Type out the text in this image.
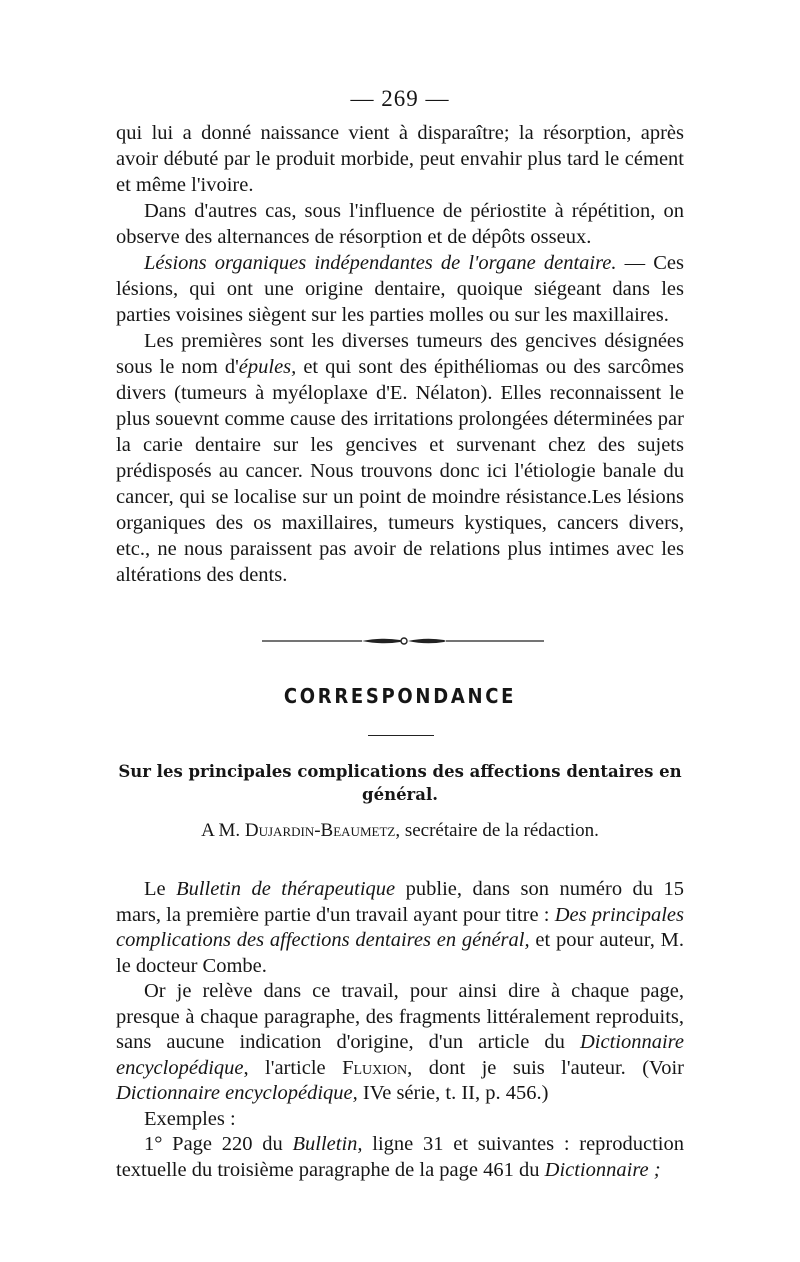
— 269 —

qui lui a donné naissance vient à disparaître; la résorption, après avoir débuté par le produit morbide, peut envahir plus tard le cément et même l'ivoire.

Dans d'autres cas, sous l'influence de périostite à répétition, on observe des alternances de résorption et de dépôts osseux.

Lésions organiques indépendantes de l'organe dentaire. — Ces lésions, qui ont une origine dentaire, quoique siégeant dans les parties voisines siègent sur les parties molles ou sur les maxillaires.

Les premières sont les diverses tumeurs des gencives désignées sous le nom d'épules, et qui sont des épithéliomas ou des sarcômes divers (tumeurs à myéloplaxe d'E. Nélaton). Elles reconnaissent le plus souevnt comme cause des irritations prolongées déterminées par la carie dentaire sur les gencives et survenant chez des sujets prédisposés au cancer. Nous trouvons donc ici l'étiologie banale du cancer, qui se localise sur un point de moindre résistance.Les lésions organiques des os maxillaires, tumeurs kystiques, cancers divers, etc., ne nous paraissent pas avoir de relations plus intimes avec les altérations des dents.

CORRESPONDANCE
Sur les principales complications des affections dentaires en général.
A M. Dujardin-Beaumetz, secrétaire de la rédaction.

Le Bulletin de thérapeutique publie, dans son numéro du 15 mars, la première partie d'un travail ayant pour titre : Des principales complications des affections dentaires en général, et pour auteur, M. le docteur Combe.

Or je relève dans ce travail, pour ainsi dire à chaque page, presque à chaque paragraphe, des fragments littéralement reproduits, sans aucune indication d'origine, d'un article du Dictionnaire encyclopédique, l'article Fluxion, dont je suis l'auteur. (Voir Dictionnaire encyclopédique, IVe série, t. II, p. 456.)

Exemples :

1° Page 220 du Bulletin, ligne 31 et suivantes : reproduction textuelle du troisième paragraphe de la page 461 du Dictionnaire ;
